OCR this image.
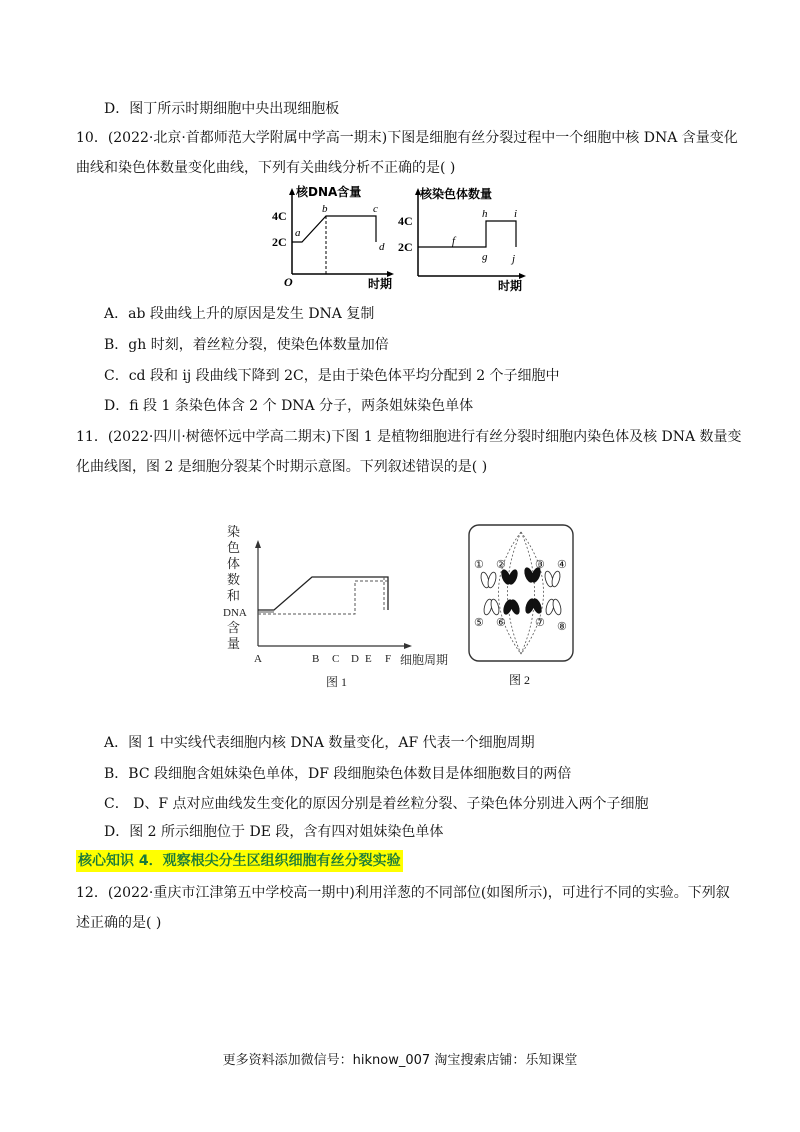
D．图丁所示时期细胞中央出现细胞板
10．(2022·北京·首都师范大学附属中学高一期末)下图是细胞有丝分裂过程中一个细胞中核 DNA 含量变化
曲线和染色体数量变化曲线，下列有关曲线分析不正确的是( )
核DNA含量
4C
2C
O	时期
a
b	c
d
核染色体数量
4C
2C
时期
f
g
h i
j
A．ab 段曲线上升的原因是发生 DNA 复制
B．gh 时刻，着丝粒分裂，使染色体数量加倍
C．cd 段和 ij 段曲线下降到 2C，是由于染色体平均分配到 2 个子细胞中
D．fi 段 1 条染色体含 2 个 DNA 分子，两条姐妹染色单体
11．(2022·四川·树德怀远中学高二期末)下图 1 是植物细胞进行有丝分裂时细胞内染色体及核 DNA 数量变
化曲线图，图 2 是细胞分裂某个时期示意图。下列叙述错误的是( )
染
色
体
数
和
DNA
含
量
A	B C D E F 细胞周期
图 1
① ②	③ ④
⑤ ⑥	⑦ ⑧
图 2
A．图 1 中实线代表细胞内核 DNA 数量变化，AF 代表一个细胞周期
B．BC 段细胞含姐妹染色单体，DF 段细胞染色体数目是体细胞数目的两倍
C． D、F 点对应曲线发生变化的原因分别是着丝粒分裂、子染色体分别进入两个子细胞
D．图 2 所示细胞位于 DE 段，含有四对姐妹染色单体
核心知识 4．观察根尖分生区组织细胞有丝分裂实验
12．(2022·重庆市江津第五中学校高一期中)利用洋葱的不同部位(如图所示)，可进行不同的实验。下列叙
述正确的是( )
更多资料添加微信号：hiknow_007 淘宝搜索店铺：乐知课堂
